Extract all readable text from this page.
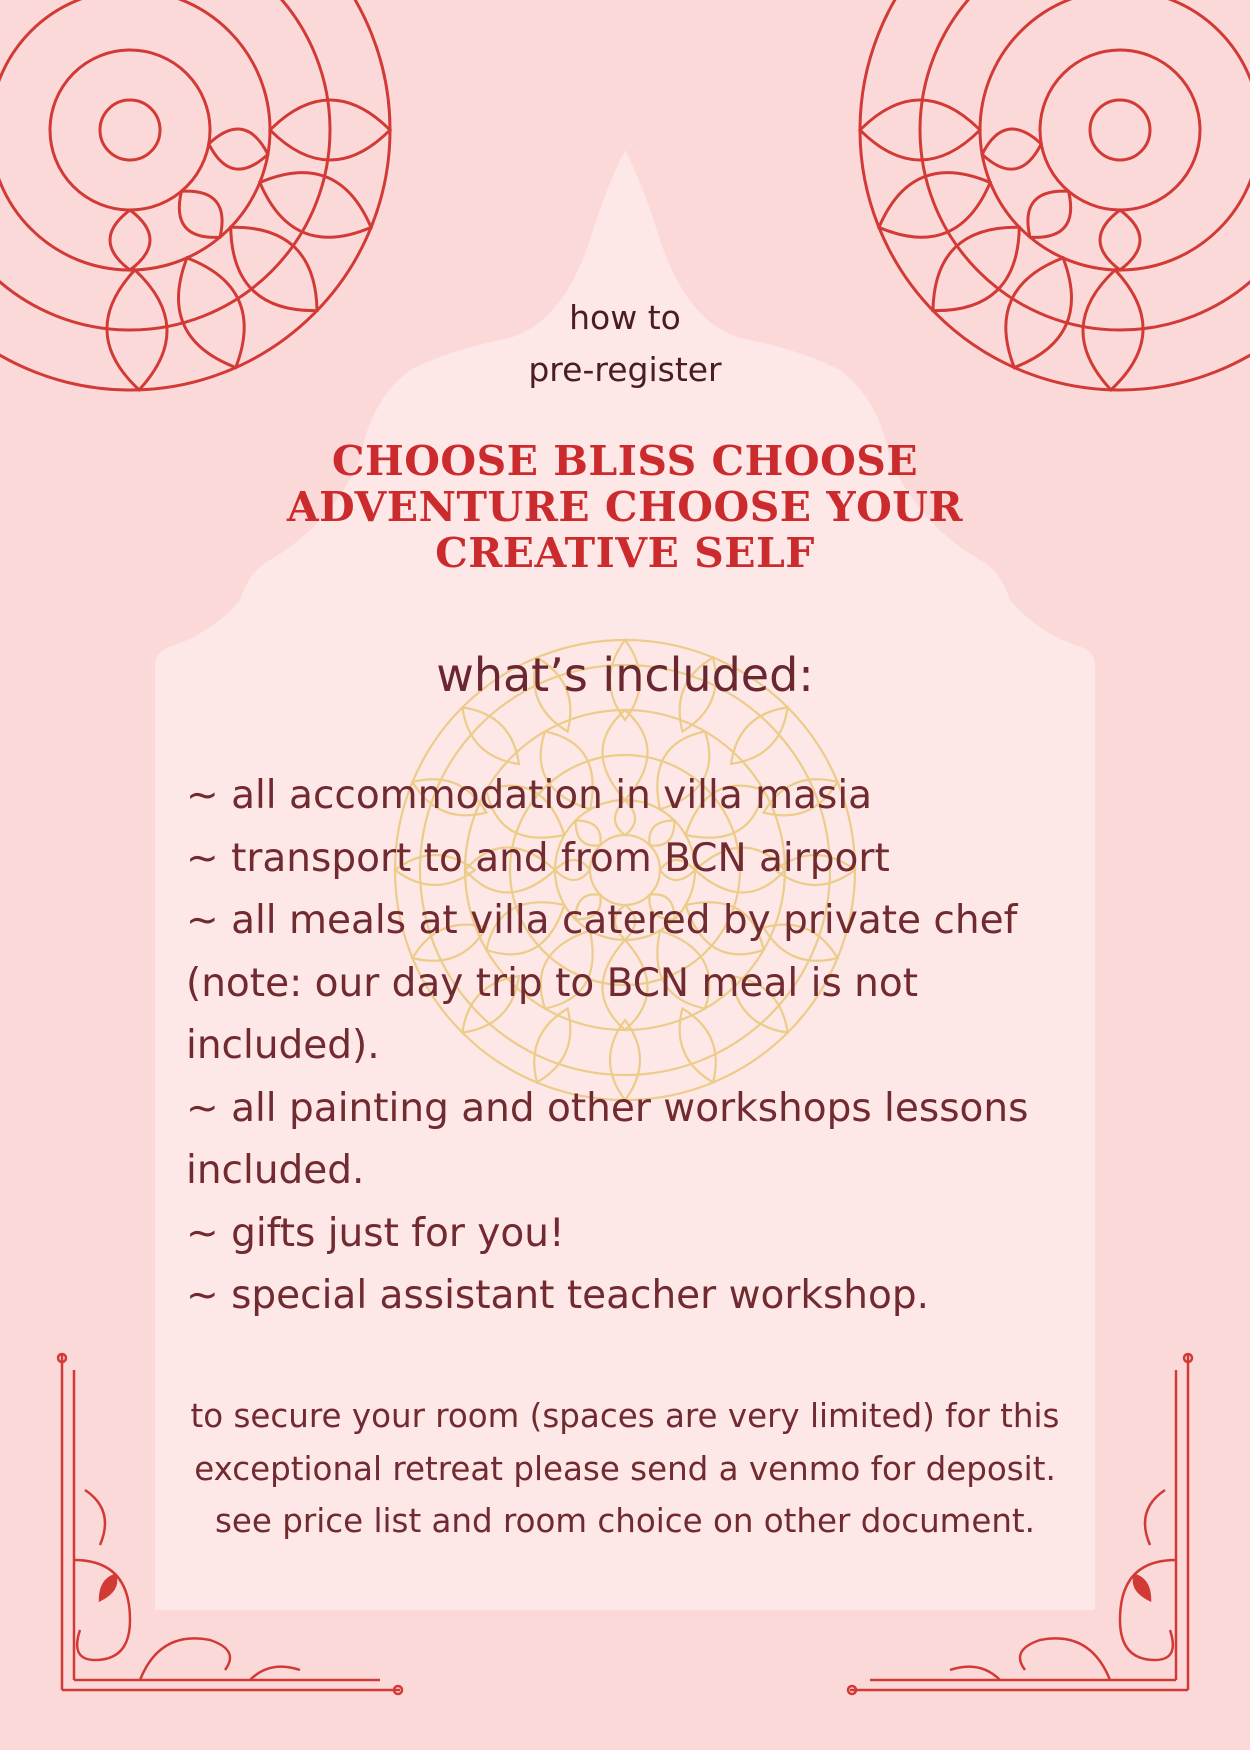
how to
pre-register
CHOOSE BLISS CHOOSE ADVENTURE CHOOSE YOUR CREATIVE SELF
what’s included:
~ all accommodation in villa masia
~ transport to and from BCN airport
~ all meals at villa catered by private chef (note: our day trip to BCN meal is not included).
~ all painting and other workshops lessons included.
~ gifts just for you!
~ special assistant teacher workshop.
to secure your room (spaces are very limited) for this exceptional retreat please send a venmo for deposit. see price list and room choice on other document.
